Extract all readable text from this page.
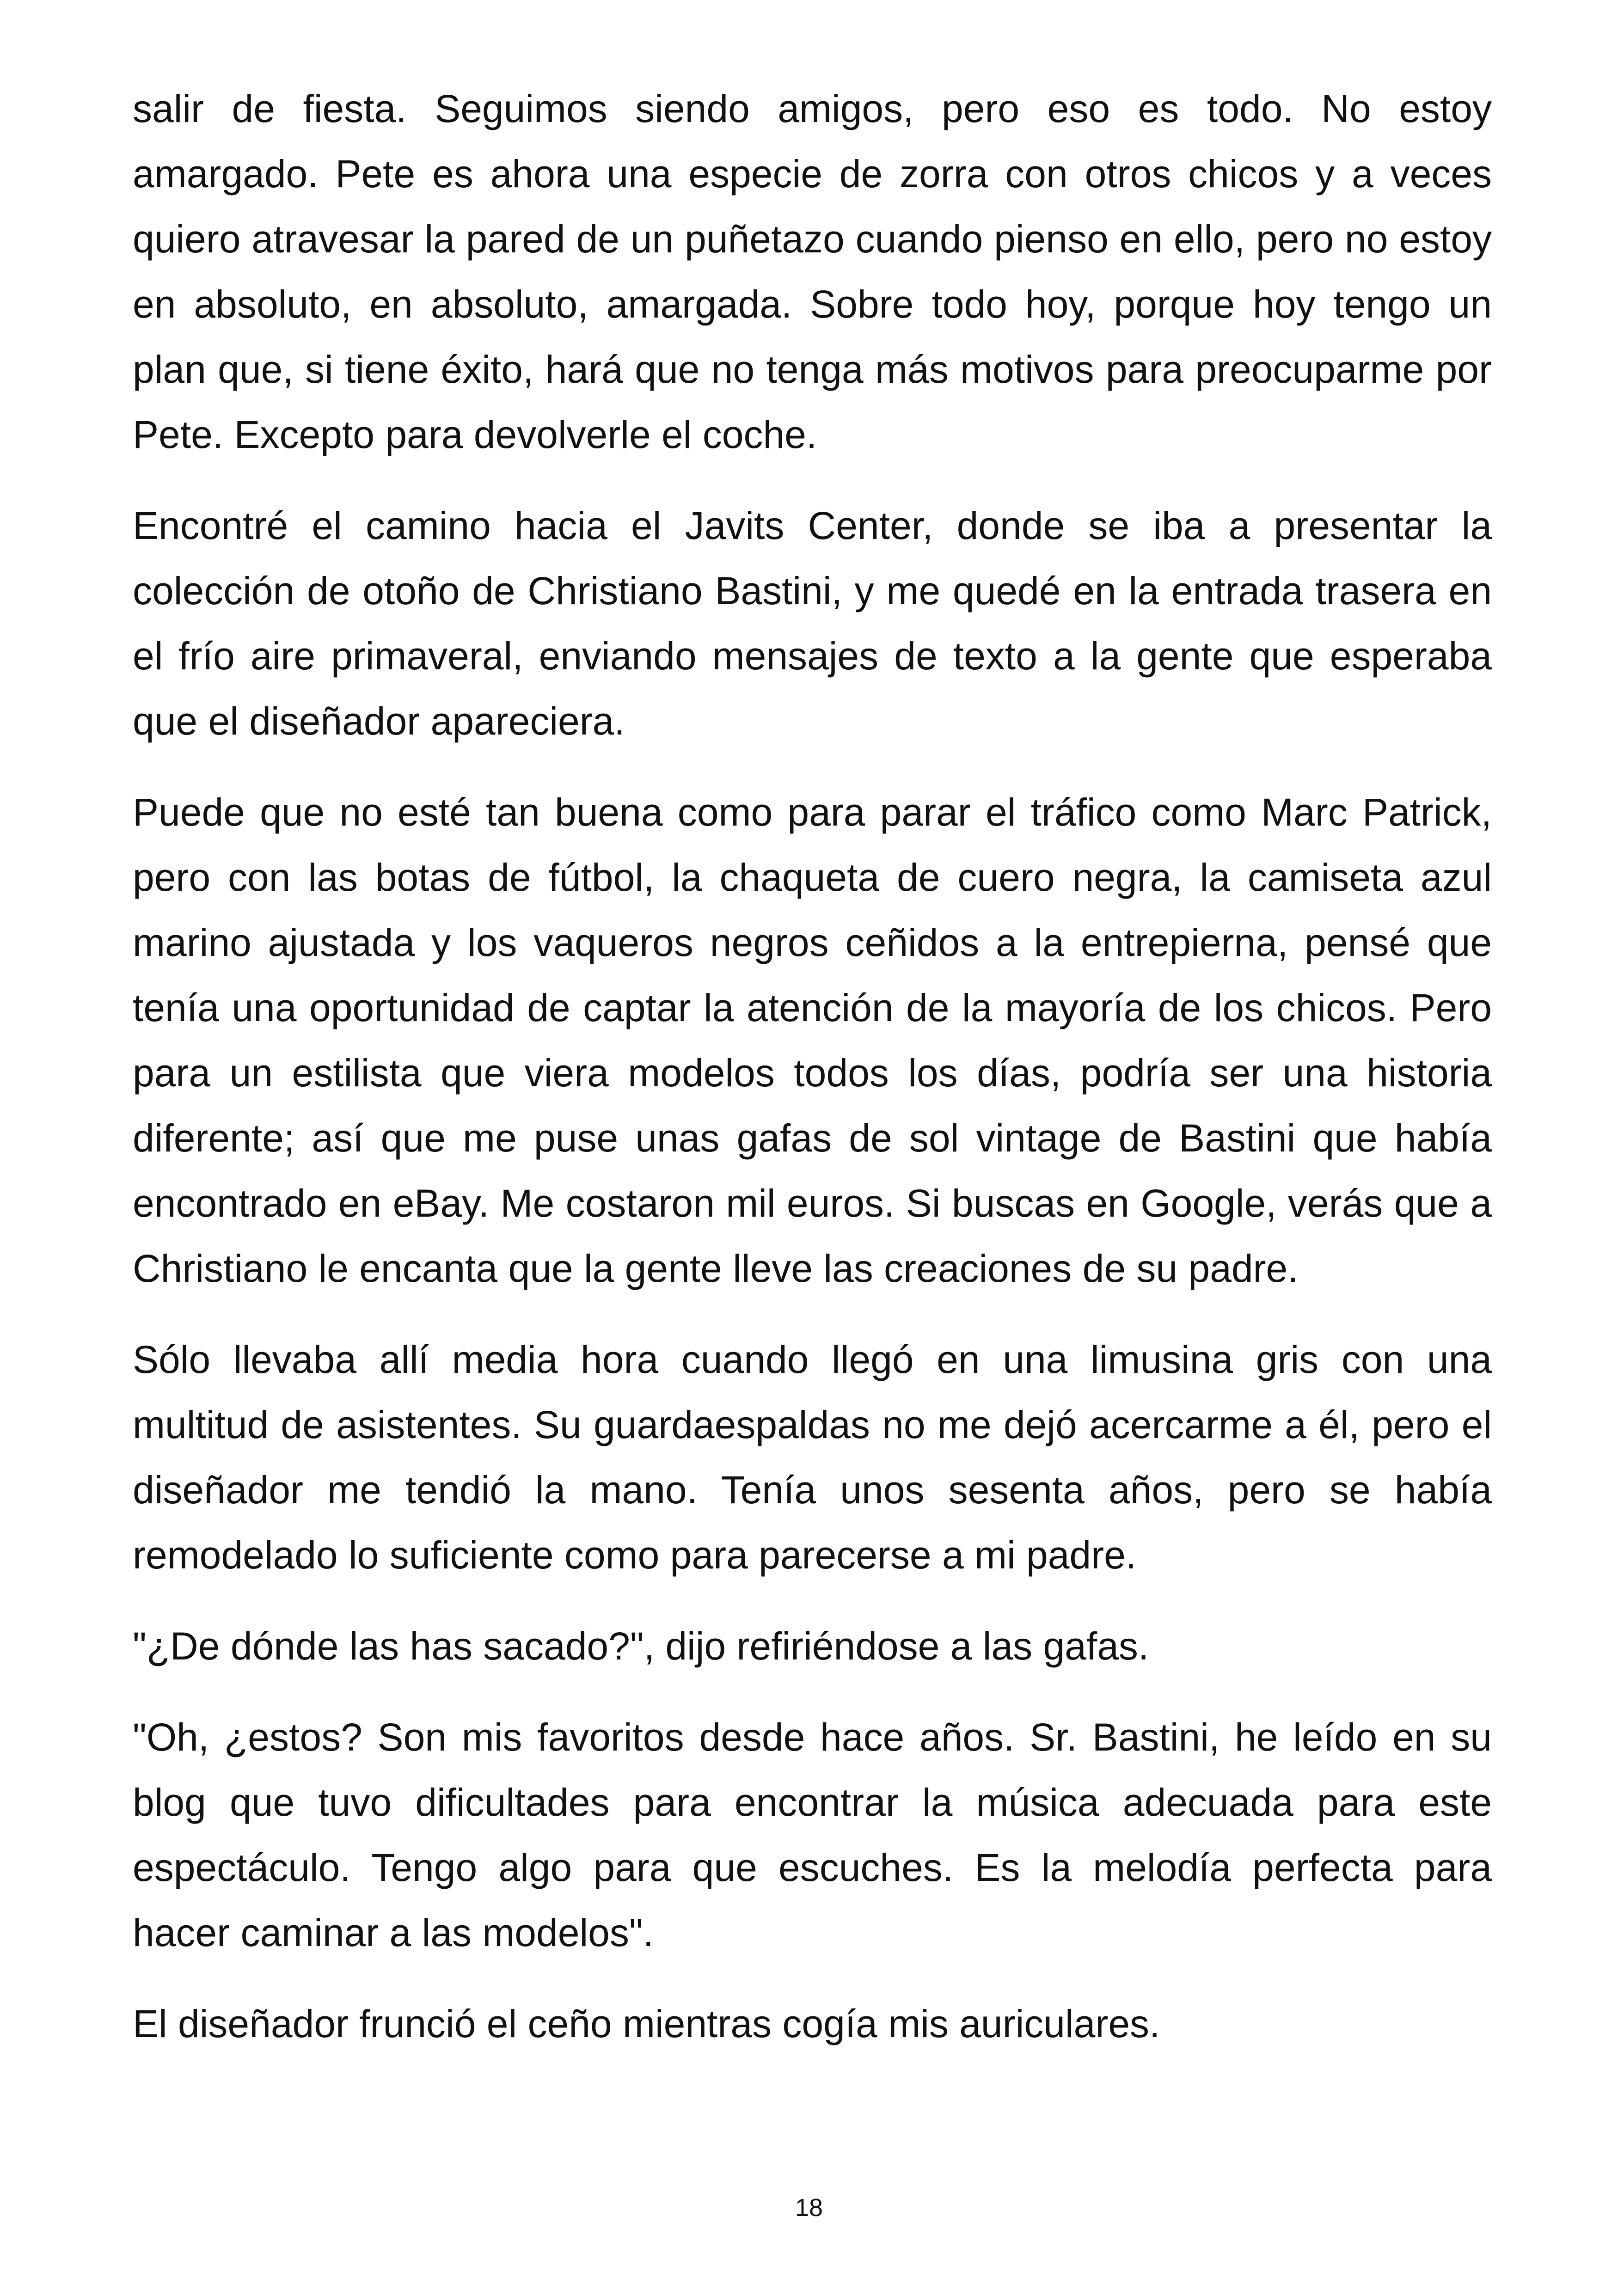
salir de fiesta. Seguimos siendo amigos, pero eso es todo. No estoy amargado. Pete es ahora una especie de zorra con otros chicos y a veces quiero atravesar la pared de un puñetazo cuando pienso en ello, pero no estoy en absoluto, en absoluto, amargada. Sobre todo hoy, porque hoy tengo un plan que, si tiene éxito, hará que no tenga más motivos para preocuparme por Pete. Excepto para devolverle el coche.

Encontré el camino hacia el Javits Center, donde se iba a presentar la colección de otoño de Christiano Bastini, y me quedé en la entrada trasera en el frío aire primaveral, enviando mensajes de texto a la gente que esperaba que el diseñador apareciera.

Puede que no esté tan buena como para parar el tráfico como Marc Patrick, pero con las botas de fútbol, la chaqueta de cuero negra, la camiseta azul marino ajustada y los vaqueros negros ceñidos a la entrepierna, pensé que tenía una oportunidad de captar la atención de la mayoría de los chicos. Pero para un estilista que viera modelos todos los días, podría ser una historia diferente; así que me puse unas gafas de sol vintage de Bastini que había encontrado en eBay. Me costaron mil euros. Si buscas en Google, verás que a Christiano le encanta que la gente lleve las creaciones de su padre.

Sólo llevaba allí media hora cuando llegó en una limusina gris con una multitud de asistentes. Su guardaespaldas no me dejó acercarme a él, pero el diseñador me tendió la mano. Tenía unos sesenta años, pero se había remodelado lo suficiente como para parecerse a mi padre.

"¿De dónde las has sacado?", dijo refiriéndose a las gafas.

"Oh, ¿estos? Son mis favoritos desde hace años. Sr. Bastini, he leído en su blog que tuvo dificultades para encontrar la música adecuada para este espectáculo. Tengo algo para que escuches. Es la melodía perfecta para hacer caminar a las modelos".

El diseñador frunció el ceño mientras cogía mis auriculares.

18
